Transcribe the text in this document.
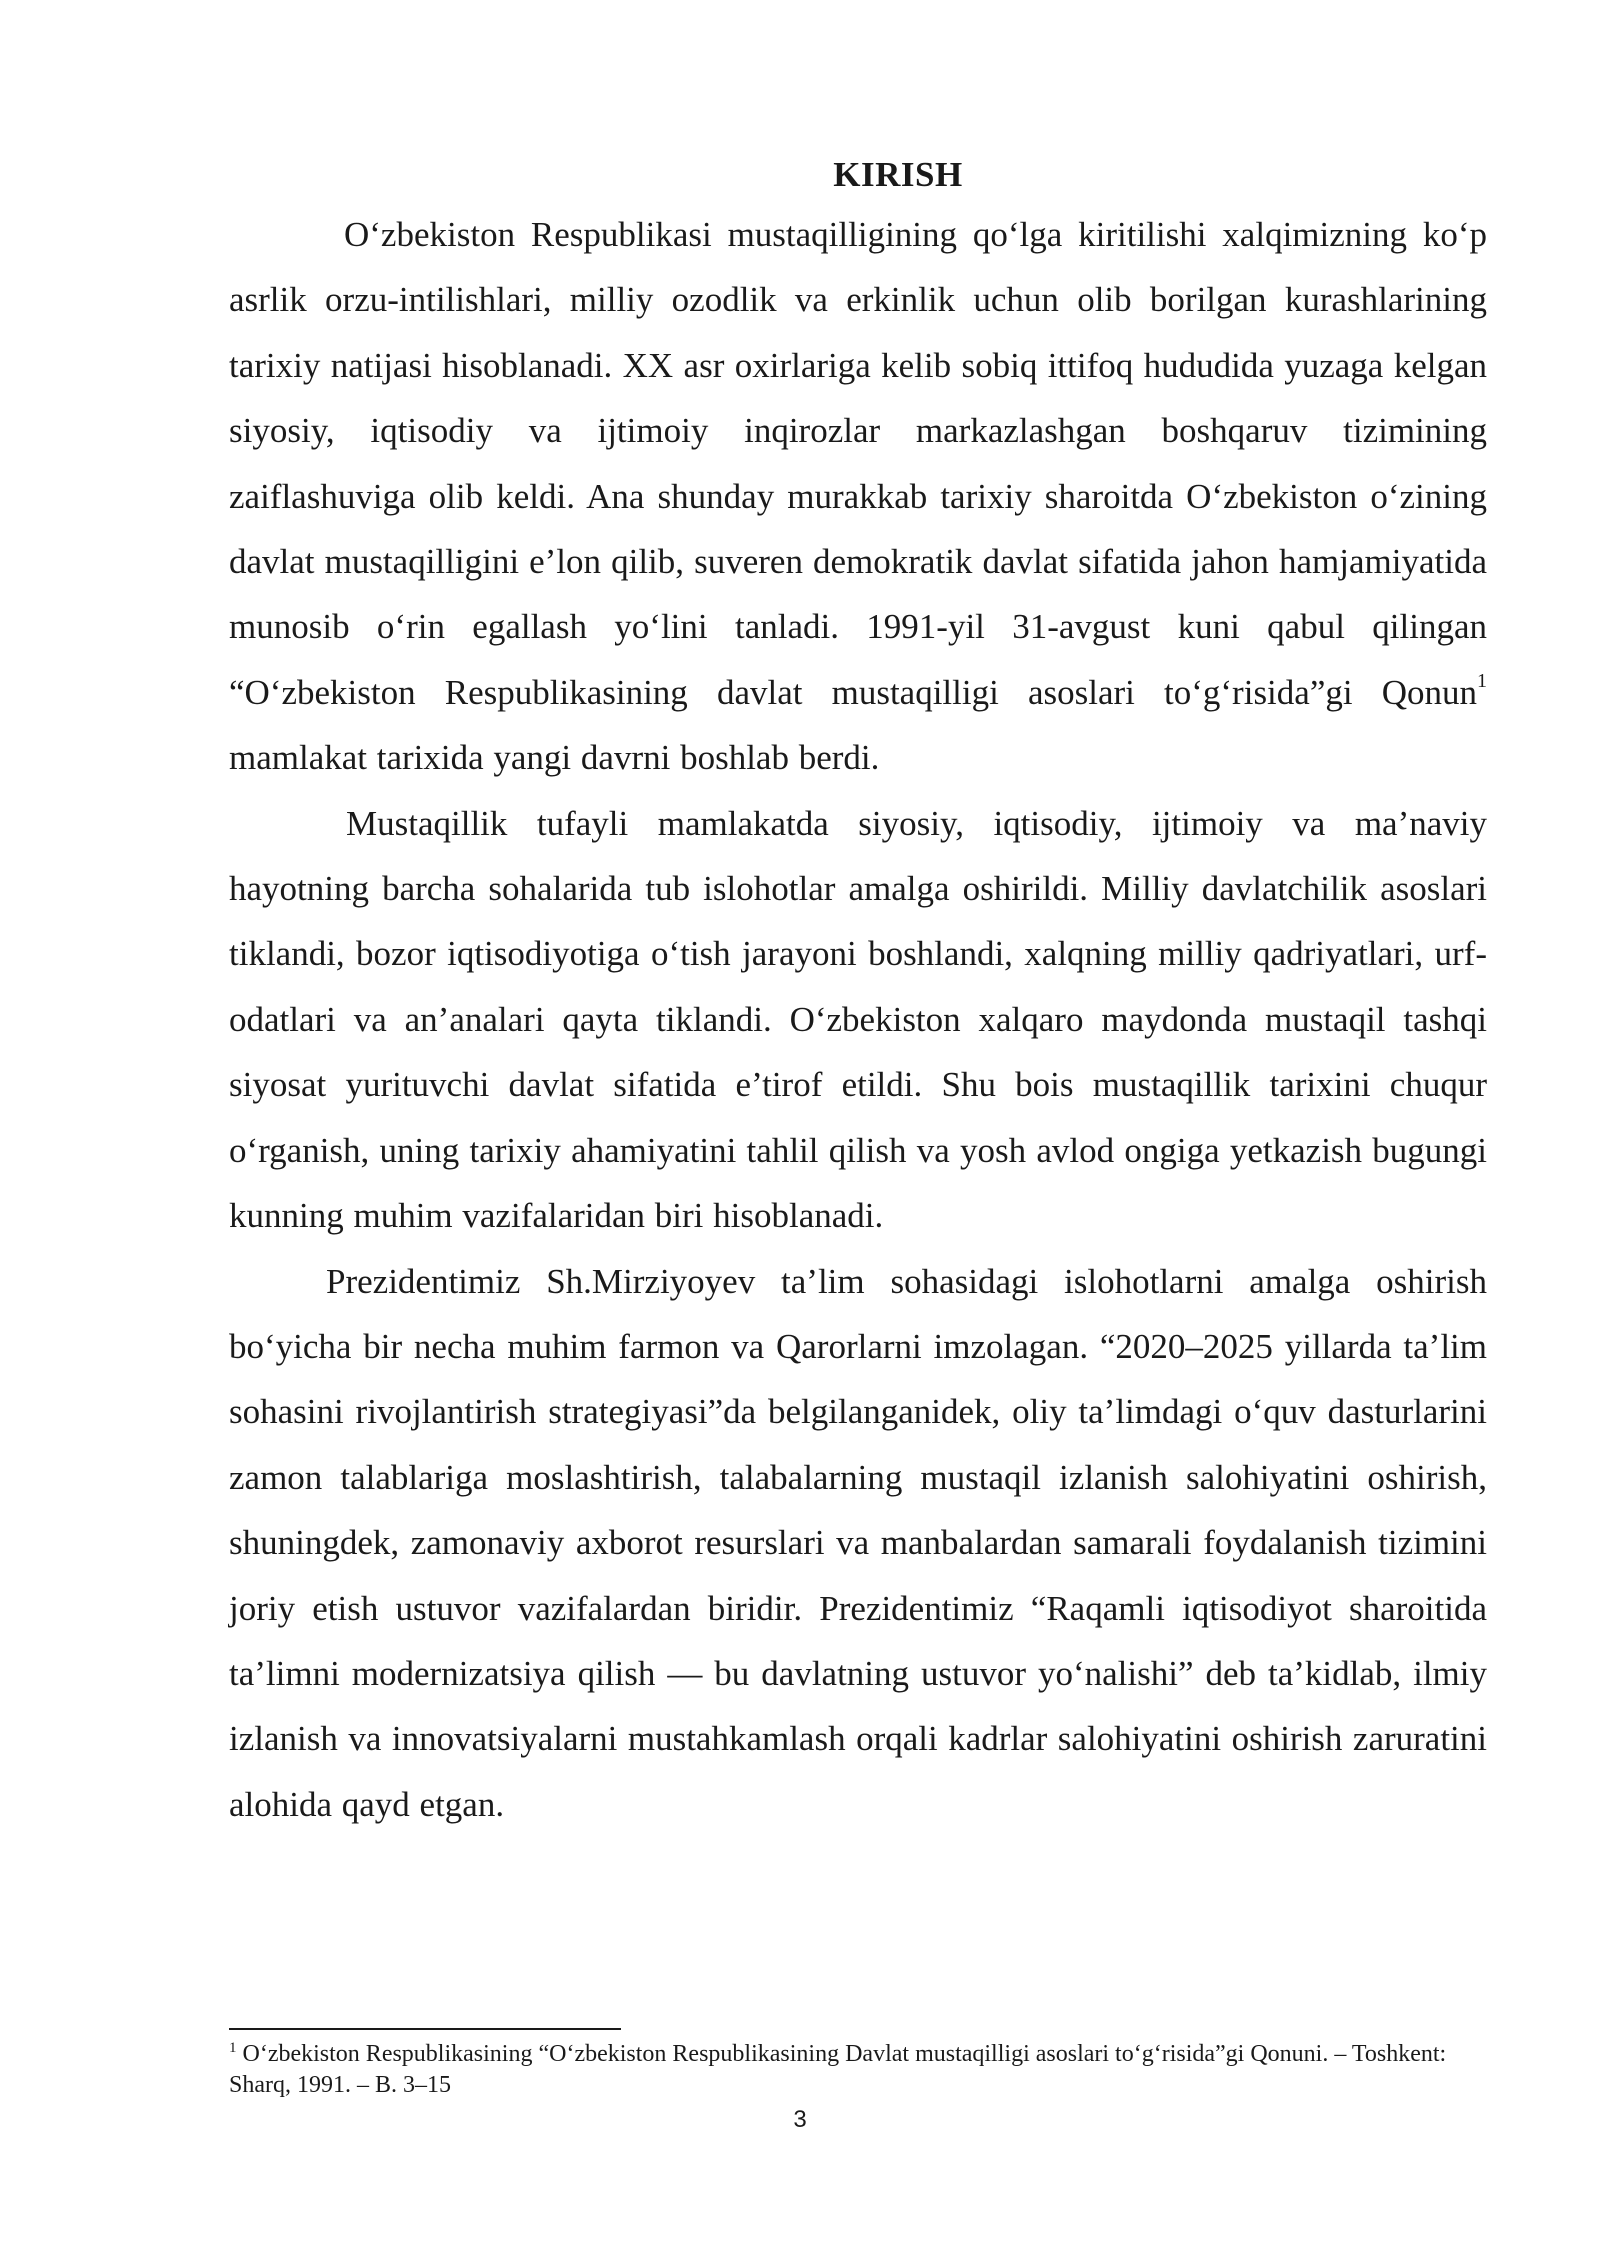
KIRISH

O‘zbekiston Respublikasi mustaqilligining qo‘lga kiritilishi xalqimizning ko‘p asrlik orzu-intilishlari, milliy ozodlik va erkinlik uchun olib borilgan kurashlarining tarixiy natijasi hisoblanadi. XX asr oxirlariga kelib sobiq ittifoq hududida yuzaga kelgan siyosiy, iqtisodiy va ijtimoiy inqirozlar markazlashgan boshqaruv tizimining zaiflashuviga olib keldi. Ana shunday murakkab tarixiy sharoitda O‘zbekiston o‘zining davlat mustaqilligini e’lon qilib, suveren demokratik davlat sifatida jahon hamjamiyatida munosib o‘rin egallash yo‘lini tanladi. 1991-yil 31-avgust kuni qabul qilingan “O‘zbekiston Respublikasining davlat mustaqilligi asoslari to‘g‘risida”gi Qonun$^1$ mamlakat tarixida yangi davrni boshlab berdi.

Mustaqillik tufayli mamlakatda siyosiy, iqtisodiy, ijtimoiy va ma’naviy hayotning barcha sohalarida tub islohotlar amalga oshirildi. Milliy davlatchilik asoslari tiklandi, bozor iqtisodiyotiga o‘tish jarayoni boshlandi, xalqning milliy qadriyatlari, urf-odatlari va an’analari qayta tiklandi. O‘zbekiston xalqaro maydonda mustaqil tashqi siyosat yurituvchi davlat sifatida e’tirof etildi. Shu bois mustaqillik tarixini chuqur o‘rganish, uning tarixiy ahamiyatini tahlil qilish va yosh avlod ongiga yetkazish bugungi kunning muhim vazifalaridan biri hisoblanadi.

Prezidentimiz Sh.Mirziyoyev ta’lim sohasidagi islohotlarni amalga oshirish bo‘yicha bir necha muhim farmon va Qarorlarni imzolagan. “2020–2025 yillarda ta’lim sohasini rivojlantirish strategiyasi”da belgilanganidek, oliy ta’limdagi o‘quv dasturlarini zamon talablariga moslashtirish, talabalarning mustaqil izlanish salohiyatini oshirish, shuningdek, zamonaviy axborot resurslari va manbalardan samarali foydalanish tizimini joriy etish ustuvor vazifalardan biridir. Prezidentimiz “Raqamli iqtisodiyot sharoitida ta’limni modernizatsiya qilish — bu davlatning ustuvor yo‘nalishi” deb ta’kidlab, ilmiy izlanish va innovatsiyalarni mustahkamlash orqali kadrlar salohiyatini oshirish zaruratini alohida qayd etgan.

$^1$ O‘zbekiston Respublikasining “O‘zbekiston Respublikasining Davlat mustaqilligi asoslari to‘g‘risida”gi Qonuni. – Toshkent: Sharq, 1991. – B. 3–15
3
